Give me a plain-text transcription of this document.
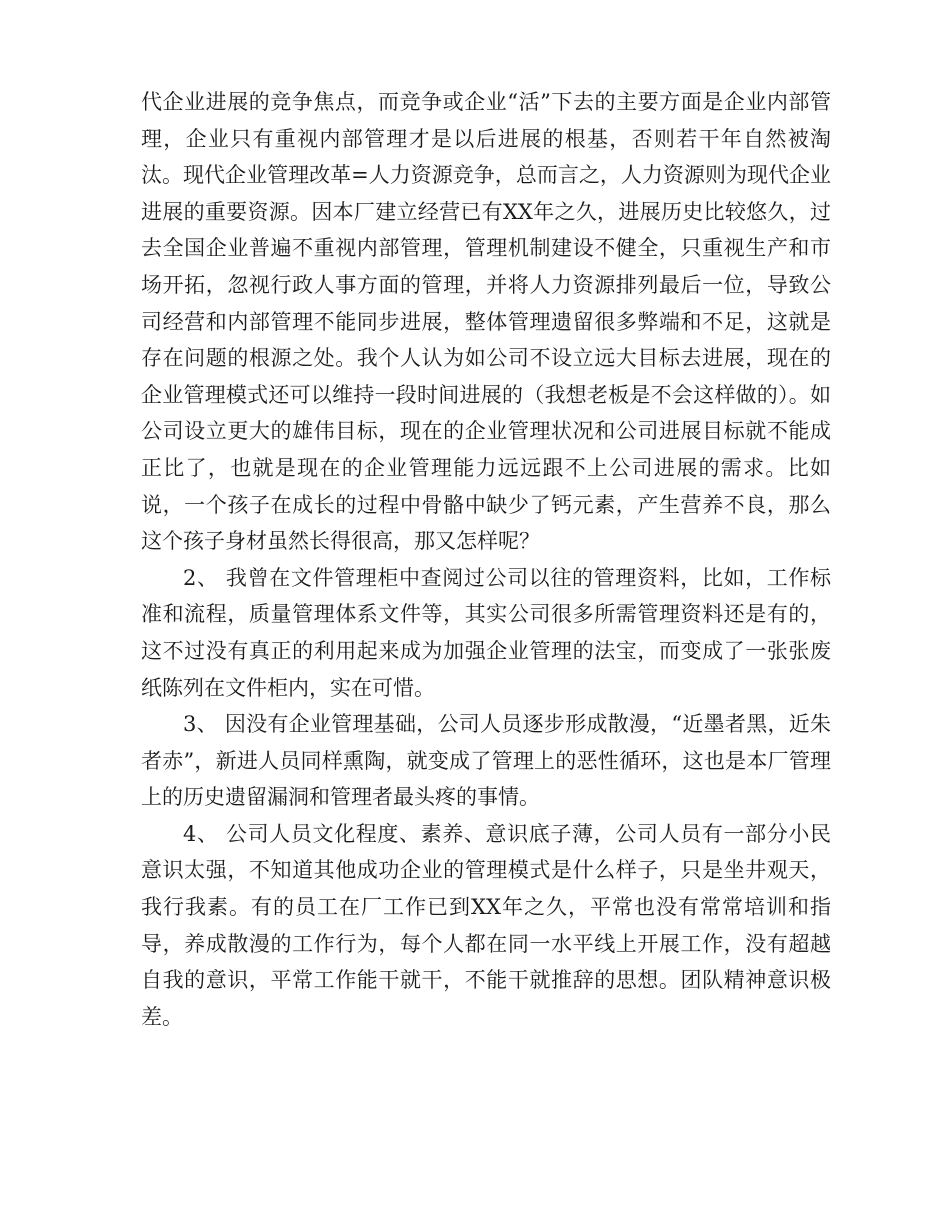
代企业进展的竞争焦点，而竞争或企业“活”下去的主要方面是企业内部管理，企业只有重视内部管理才是以后进展的根基，否则若干年自然被淘汰。现代企业管理改革=人力资源竞争，总而言之，人力资源则为现代企业进展的重要资源。因本厂建立经营已有XX年之久，进展历史比较悠久，过去全国企业普遍不重视内部管理，管理机制建设不健全，只重视生产和市场开拓，忽视行政人事方面的管理，并将人力资源排列最后一位，导致公司经营和内部管理不能同步进展，整体管理遗留很多弊端和不足，这就是存在问题的根源之处。我个人认为如公司不设立远大目标去进展，现在的企业管理模式还可以维持一段时间进展的（我想老板是不会这样做的）。如公司设立更大的雄伟目标，现在的企业管理状况和公司进展目标就不能成正比了，也就是现在的企业管理能力远远跟不上公司进展的需求。比如说，一个孩子在成长的过程中骨骼中缺少了钙元素，产生营养不良，那么这个孩子身材虽然长得很高，那又怎样呢？

2、 我曾在文件管理柜中查阅过公司以往的管理资料，比如，工作标准和流程，质量管理体系文件等，其实公司很多所需管理资料还是有的，这不过没有真正的利用起来成为加强企业管理的法宝，而变成了一张张废纸陈列在文件柜内，实在可惜。

3、 因没有企业管理基础，公司人员逐步形成散漫，“近墨者黑，近朱者赤”，新进人员同样熏陶，就变成了管理上的恶性循环，这也是本厂管理上的历史遗留漏洞和管理者最头疼的事情。

4、 公司人员文化程度、素养、意识底子薄，公司人员有一部分小民意识太强，不知道其他成功企业的管理模式是什么样子，只是坐井观天，我行我素。有的员工在厂工作已到XX年之久，平常也没有常常培训和指导，养成散漫的工作行为，每个人都在同一水平线上开展工作，没有超越自我的意识，平常工作能干就干，不能干就推辞的思想。团队精神意识极差。
